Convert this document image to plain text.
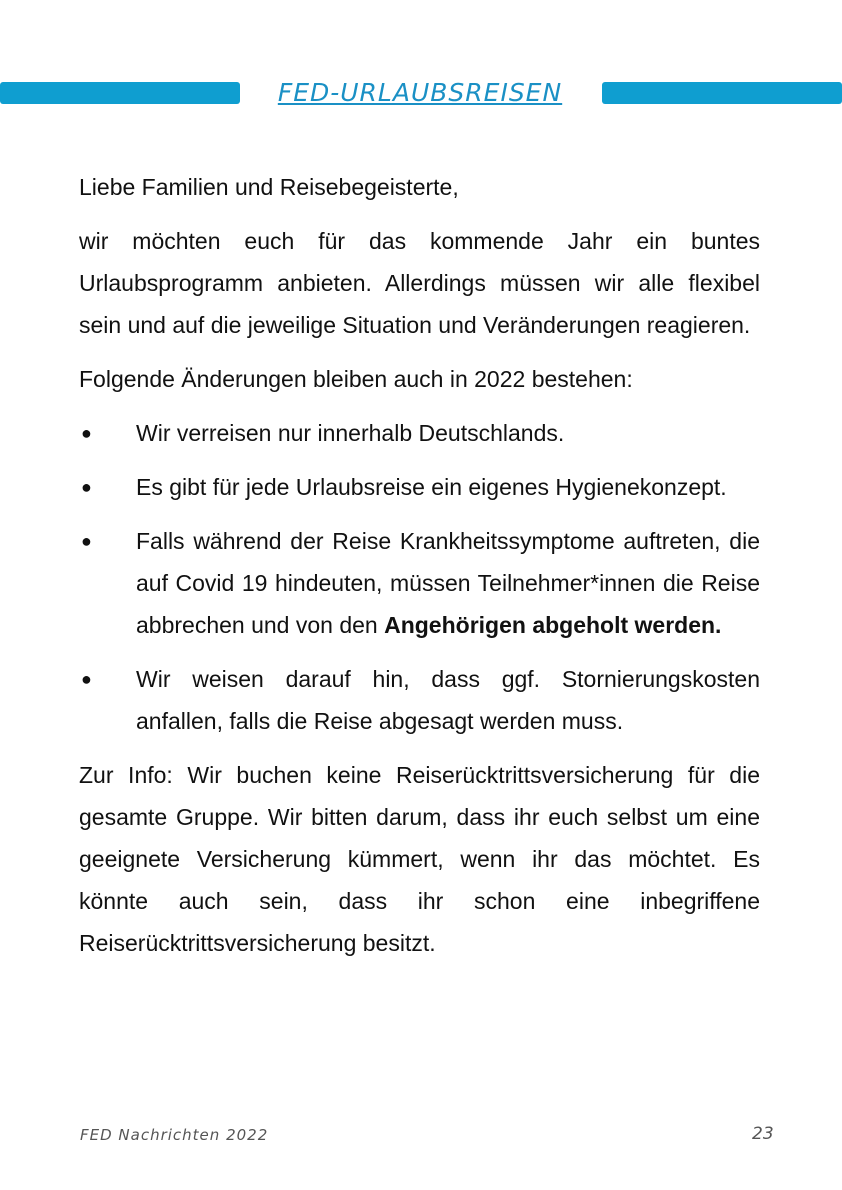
FED-URLAUBSREISEN

Liebe Familien und Reisebegeisterte,

wir möchten euch für das kommende Jahr ein buntes Urlaubsprogramm anbieten. Allerdings müssen wir alle flexibel sein und auf die jeweilige Situation und Veränderungen reagieren.

Folgende Änderungen bleiben auch in 2022 bestehen:

● Wir verreisen nur innerhalb Deutschlands.
● Es gibt für jede Urlaubsreise ein eigenes Hygienekonzept.
● Falls während der Reise Krankheitssymptome auftreten, die auf Covid 19 hindeuten, müssen Teilnehmer*innen die Reise abbrechen und von den Angehörigen abgeholt werden.
● Wir weisen darauf hin, dass ggf. Stornierungskosten anfallen, falls die Reise abgesagt werden muss.

Zur Info: Wir buchen keine Reiserücktrittsversicherung für die gesamte Gruppe. Wir bitten darum, dass ihr euch selbst um eine geeignete Versicherung kümmert, wenn ihr das möchtet. Es könnte auch sein, dass ihr schon eine inbegriffene Reiserücktrittsversicherung besitzt.

FED Nachrichten 2022	23
